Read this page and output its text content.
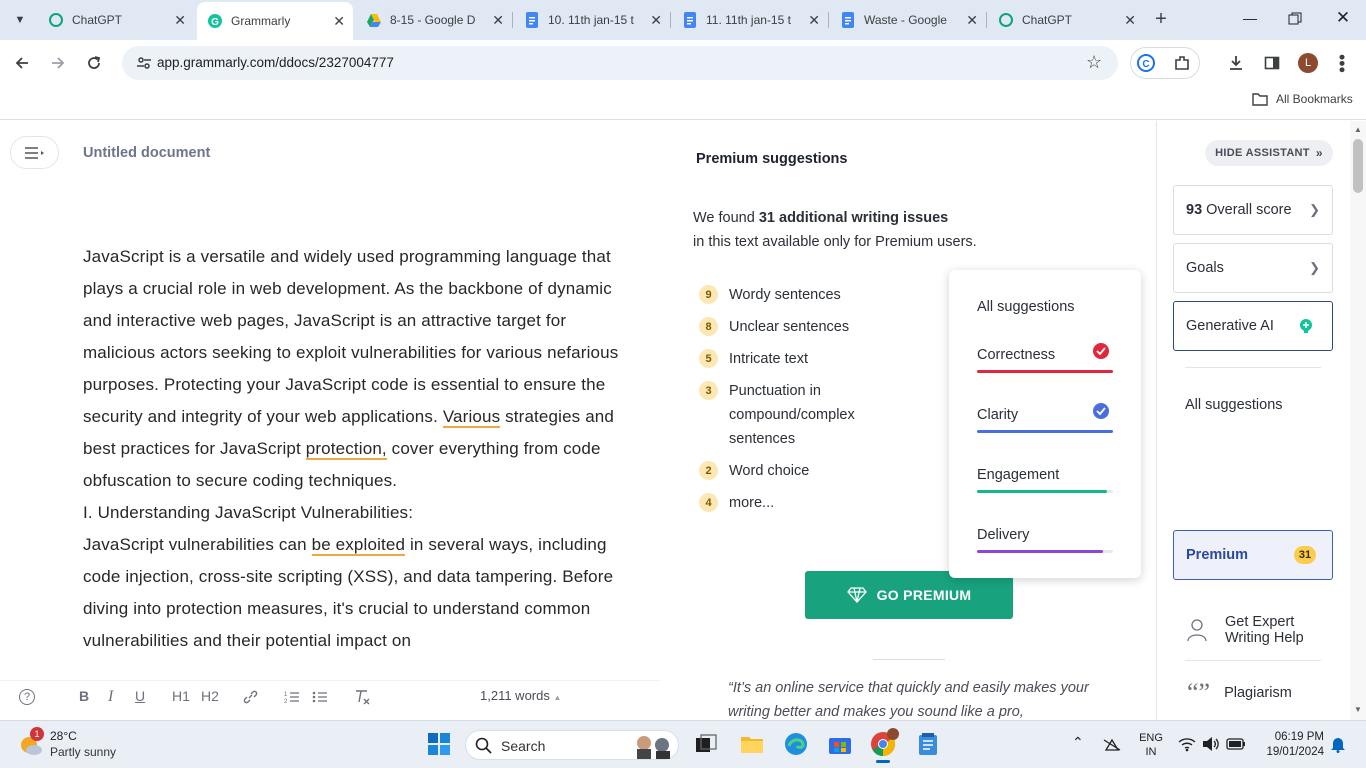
▼	ChatGPT	✕	G Grammarly	✕	8-15 - Google D	✕	10. 11th jan-15 t	✕	11. 11th jan-15 t	✕	Waste - Google	✕	ChatGPT	✕ +	—	✕
app.grammarly.com/ddocs/2327004777	☆	C	L	•••
All Bookmarks
Untitled document
JavaScript is a versatile and widely used programming language that plays a crucial role in web development. As the backbone of dynamic and interactive web pages, JavaScript is an attractive target for malicious actors seeking to exploit vulnerabilities for various nefarious purposes. Protecting your JavaScript code is essential to ensure the security and integrity of your web applications. Various strategies and best practices for JavaScript protection, cover everything from code obfuscation to secure coding techniques.
I. Understanding JavaScript Vulnerabilities:
JavaScript vulnerabilities can be exploited in several ways, including code injection, cross-site scripting (XSS), and data tampering. Before diving into protection measures, it's crucial to understand common vulnerabilities and their potential impact on
?	B I U H1 H2	1
2	1,211 words ▲
Premium suggestions
We found 31 additional writing issues
in this text available only for Premium users.
9	Wordy sentences
8	Unclear sentences
5	Intricate text
3	Punctuation in compound/complex sentences
2	Word choice
4	more...
GO PREMIUM
“It’s an online service that quickly and easily makes your writing better and makes you sound like a pro,
All suggestions
Correctness
Clarity
Engagement
Delivery
HIDE ASSISTANT »
93 Overall score ❯
Goals	❯
Generative AI
All suggestions
Premium	31
Get Expert Writing Help
“” Plagiarism
▲
▼
1 28°C
Partly sunny	Search	⌃	ENG
IN
06:19 PM
19/01/2024
